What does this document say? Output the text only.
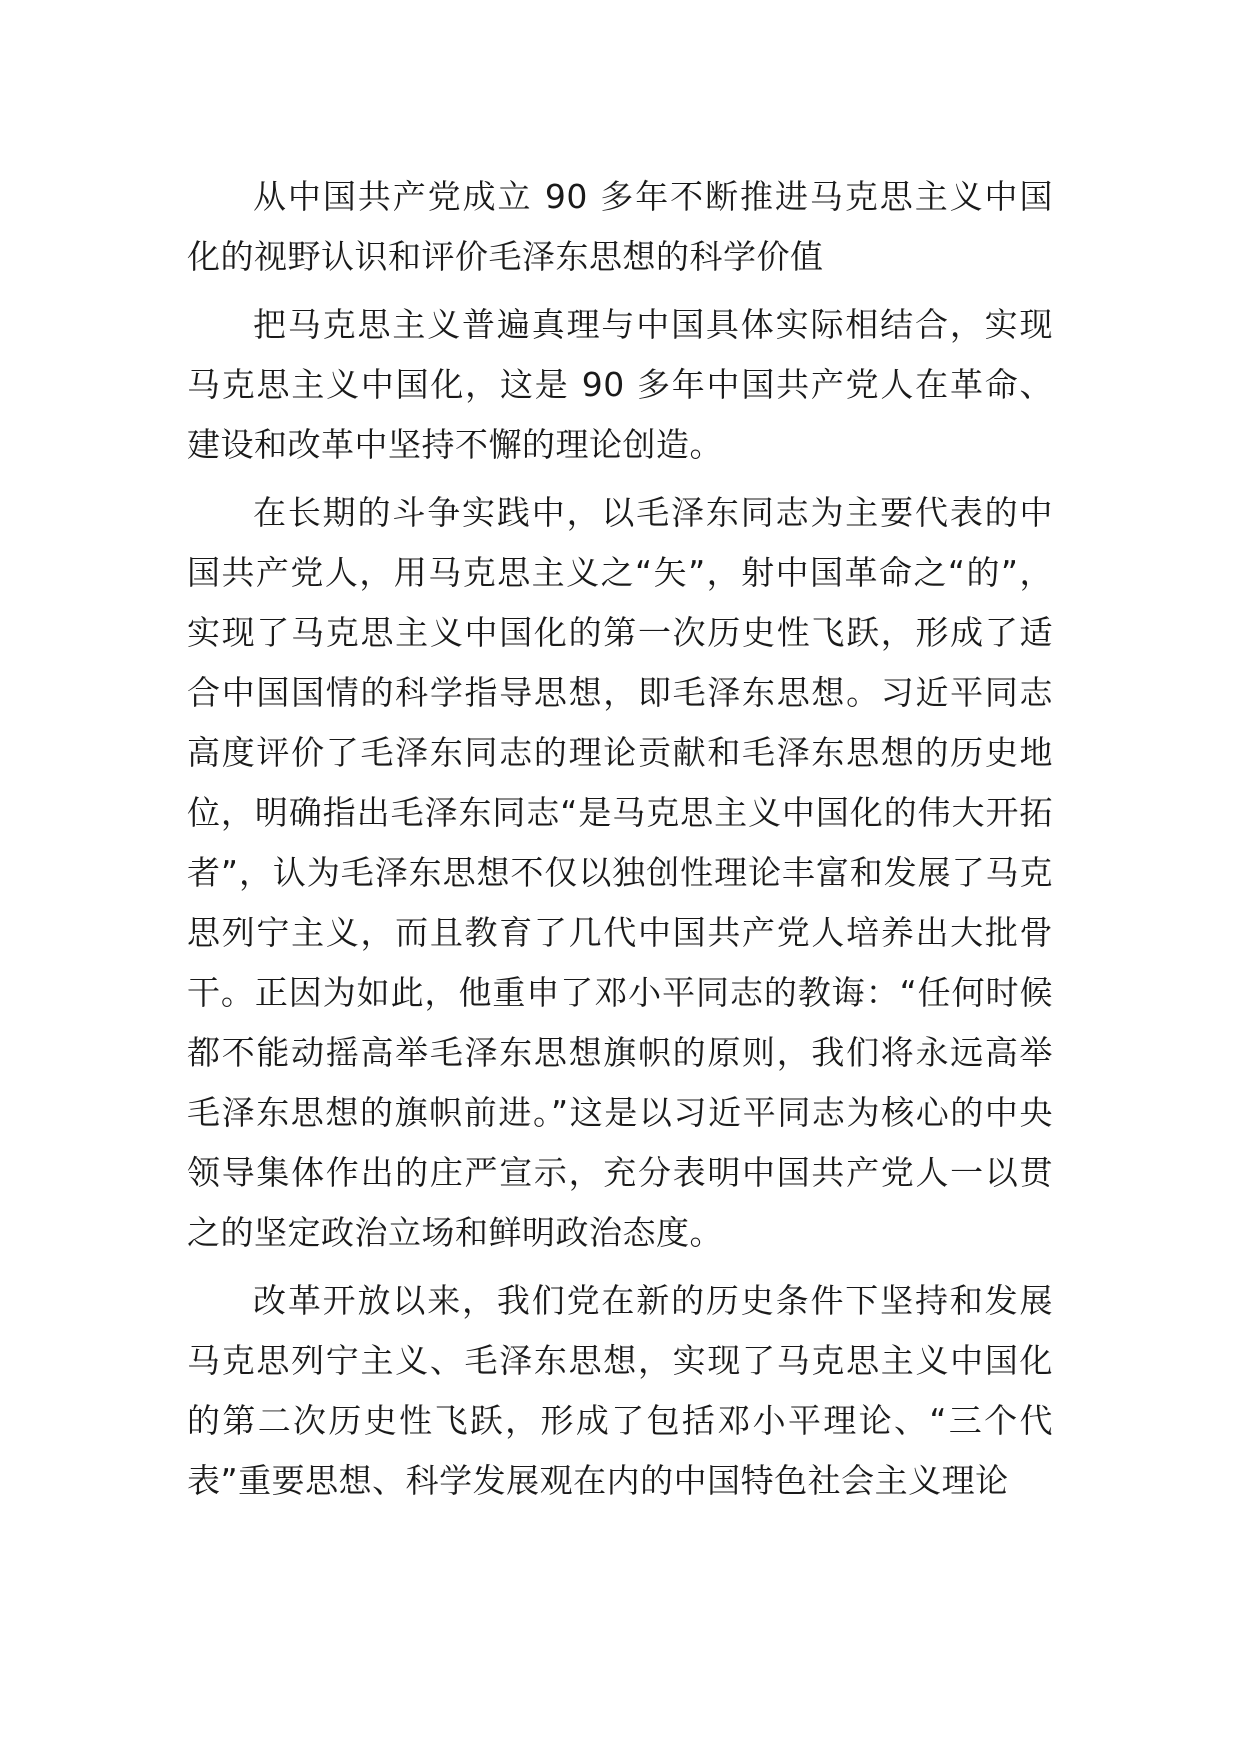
从中国共产党成立 90 多年不断推进马克思主义中国化的视野认识和评价毛泽东思想的科学价值

把马克思主义普遍真理与中国具体实际相结合，实现马克思主义中国化，这是 90 多年中国共产党人在革命、建设和改革中坚持不懈的理论创造。

在长期的斗争实践中，以毛泽东同志为主要代表的中国共产党人，用马克思主义之“矢”，射中国革命之“的”，实现了马克思主义中国化的第一次历史性飞跃，形成了适合中国国情的科学指导思想，即毛泽东思想。习近平同志高度评价了毛泽东同志的理论贡献和毛泽东思想的历史地位，明确指出毛泽东同志“是马克思主义中国化的伟大开拓者”，认为毛泽东思想不仅以独创性理论丰富和发展了马克思列宁主义，而且教育了几代中国共产党人培养出大批骨干。正因为如此，他重申了邓小平同志的教诲：“任何时候都不能动摇高举毛泽东思想旗帜的原则，我们将永远高举毛泽东思想的旗帜前进。”这是以习近平同志为核心的中央领导集体作出的庄严宣示，充分表明中国共产党人一以贯之的坚定政治立场和鲜明政治态度。

改革开放以来，我们党在新的历史条件下坚持和发展马克思列宁主义、毛泽东思想，实现了马克思主义中国化的第二次历史性飞跃，形成了包括邓小平理论、“三个代表”重要思想、科学发展观在内的中国特色社会主义理论
